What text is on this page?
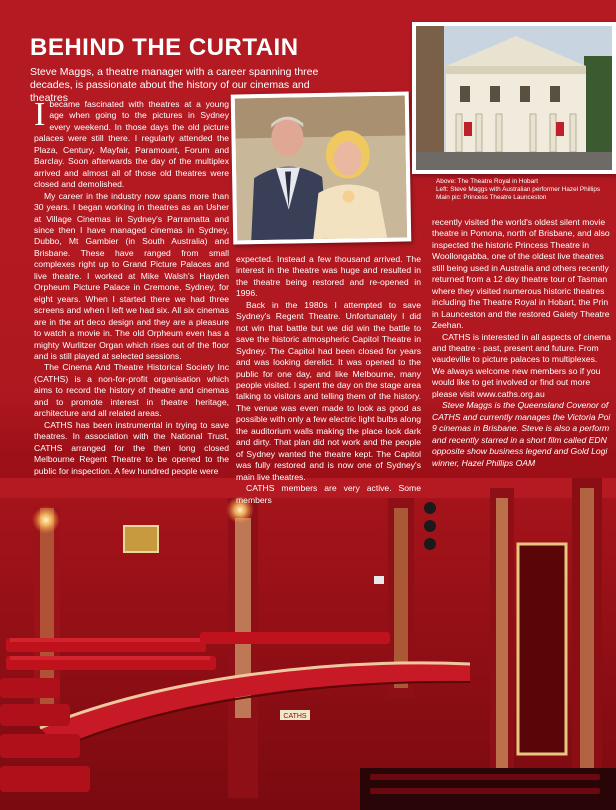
CATHS
BEHIND THE CURTAIN
Steve Maggs, a theatre manager with a career spanning three decades, is passionate about the history of our cinemas and theatres
Above: The Theatre Royal in Hobart
Left: Steve Maggs with Australian performer Hazel Phillips
Main pic: Princess Theatre Launceston

Ibecame fascinated with theatres at a young age when going to the pictures in Sydney every weekend. In those days the old picture palaces were still there. I regularly attended the Plaza, Century, Mayfair, Paramount, Forum and Barclay. Soon afterwards the day of the multiplex arrived and almost all of those old theatres were closed and demolished.

My career in the industry now spans more than 30 years. I began working in theatres as an Usher at Village Cinemas in Sydney's Parramatta and since then I have managed cinemas in Sydney, Dubbo, Mt Gambier (in South Australia) and Brisbane. These have ranged from small complexes right up to Grand Picture Palaces and live theatre. I worked at Mike Walsh's Hayden Orpheum Picture Palace in Cremone, Sydney, for eight years. When I started there we had three screens and when I left we had six. All six cinemas are in the art deco design and they are a pleasure to watch a movie in. The old Orpheum even has a mighty Wurlitzer Organ which rises out of the floor and is still played at selected sessions.

The Cinema And Theatre Historical Society Inc (CATHS) is a non-for-profit organisation which aims to record the history of theatre and cinemas and to promote interest in theatre heritage, architecture and all related areas.

CATHS has been instrumental in trying to save theatres. In association with the National Trust, CATHS arranged for the then long closed Melbourne Regent Theatre to be opened to the public for inspection. A few hundred people were

expected. Instead a few thousand arrived. The interest in the theatre was huge and resulted in the theatre being restored and re-opened in 1996.

Back in the 1980s I attempted to save Sydney's Regent Theatre. Unfortunately I did not win that battle but we did win the battle to save the historic atmospheric Capitol Theatre in Sydney. The Capitol had been closed for years and was looking derelict. It was opened to the public for one day, and like Melbourne, many people visited. I spent the day on the stage area talking to visitors and telling them of the history. The venue was even made to look as good as possible with only a few electric light bulbs along the auditorium walls making the place look dark and dirty. That plan did not work and the people of Sydney wanted the theatre kept. The Capitol was fully restored and is now one of Sydney's main live theatres.

CATHS members are very active. Some members

recently visited the world's oldest silent movie theatre in Pomona, north of Brisbane, and also inspected the historic Princess Theatre in Woollongabba, one of the oldest live theatres still being used in Australia and others recently returned from a 12 day theatre tour of Tasman where they visited numerous historic theatres including the Theatre Royal in Hobart, the Prin in Launceston and the restored Gaiety Theatre Zeehan.

CATHS is interested in all aspects of cinema and theatre - past, present and future. From vaudeville to picture palaces to multiplexes. We always welcome new members so if you would like to get involved or find out more please visit www.caths.org.au

Steve Maggs is the Queensland Covenor of CATHS and currently manages the Victoria Poi 9 cinemas in Brisbane. Steve is also a perform and recently starred in a short film called EDN opposite show business legend and Gold Logi winner, Hazel Phillips OAM
